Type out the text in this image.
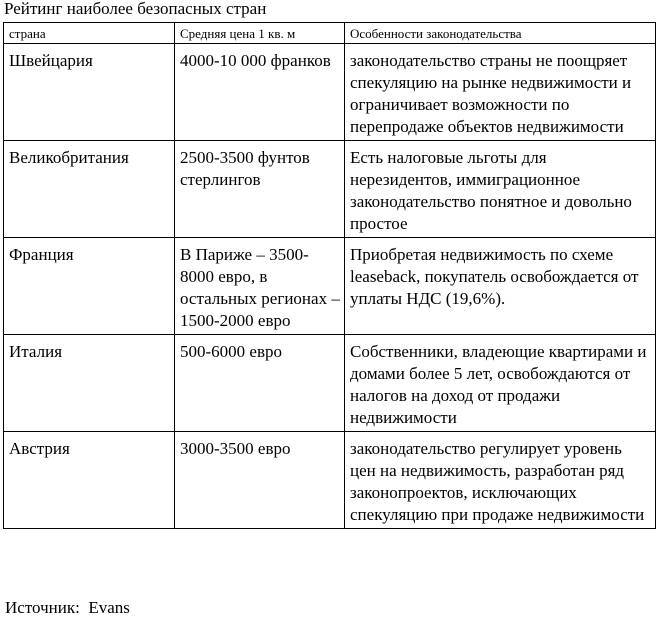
Рейтинг наиболее безопасных стран
страна	Средняя цена 1 кв. м	Особенности законодательства
Швейцария	4000-10 000 франков	законодательство страны не поощряет спекуляцию на рынке недвижимости и ограничивает возможности по перепродаже объектов недвижимости
Великобритания	2500-3500 фунтов стерлингов	Есть налоговые льготы для нерезидентов, иммиграционное законодательство понятное и довольно простое
Франция	В Париже – 3500-8000 евро, в остальных регионах – 1500-2000 евро	Приобретая недвижимость по схеме leaseback, покупатель освобождается от уплаты НДС (19,6%).
Италия	500-6000 евро	Собственники, владеющие квартирами и домами более 5 лет, освобождаются от налогов на доход от продажи недвижимости
Австрия	3000-3500 евро	законодательство регулирует уровень цен на недвижимость, разработан ряд законопроектов, исключающих спекуляцию при продаже недвижимости
Источник:  Evans
